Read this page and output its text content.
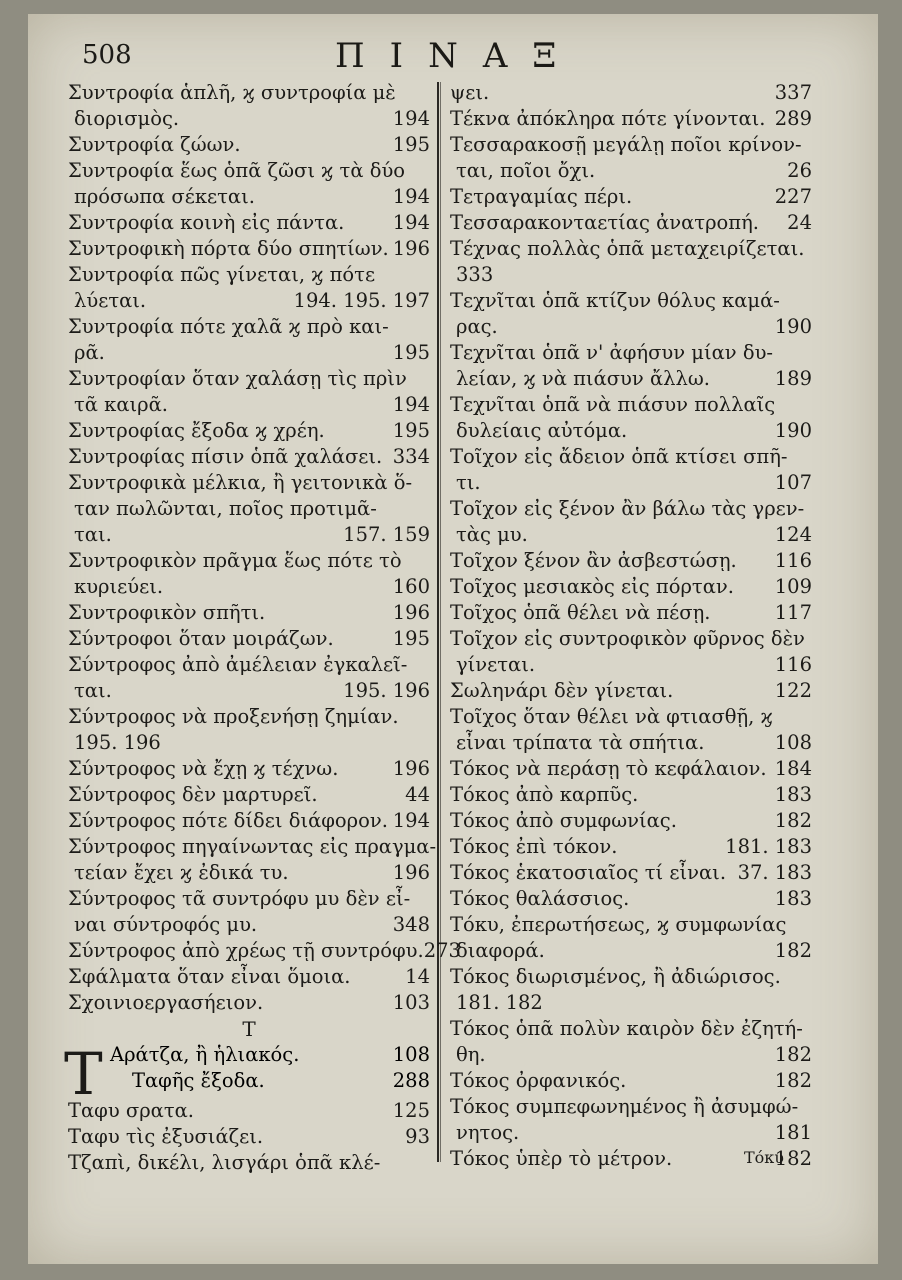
508	ΠΙΝΑΞ
Συντροφία ἁπλῆ, ϗ συντροφία μὲ
διορισμὸς.	194
Συντροφία ζώων.	195
Συντροφία ἕως ὁπᾶ ζῶσι ϗ τὰ δύο
πρόσωπα σέκεται.	194
Συντροφία κοινὴ εἰς πάντα. 194
Συντροφικὴ πόρτα δύο σπητίων. 196
Συντροφία πῶς γίνεται, ϗ πότε
λύεται.	194. 195. 197
Συντροφία πότε χαλᾶ ϗ πρὸ και-
ρᾶ.	195
Συντροφίαν ὅταν χαλάσῃ τὶς πρὶν
τᾶ καιρᾶ.	194
Συντροφίας ἔξοδα ϗ χρέη.	195
Συντροφίας πίσιν ὁπᾶ χαλάσει. 334
Συντροφικὰ μέλκια, ἢ γειτονικὰ ὅ-
ταν πωλῶνται, ποῖος προτιμᾶ-
ται.	157. 159
Συντροφικὸν πρᾶγμα ἕως πότε τὸ
κυριεύει.	160
Συντροφικὸν σπῆτι.	196
Σύντροφοι ὅταν μοιράζων.	195
Σύντροφος ἀπὸ ἀμέλειαν ἐγκαλεῖ-
ται.	195. 196
Σύντροφος νὰ προξενήσῃ ζημίαν.
195. 196
Σύντροφος νὰ ἔχῃ ϗ τέχνω.	196
Σύντροφος δὲν μαρτυρεῖ.	44
Σύντροφος πότε δίδει διάφορον. 194
Σύντροφος πηγαίνωντας εἰς πραγμα-
τείαν ἔχει ϗ ἐδικά τυ.	196
Σύντροφος τᾶ συντρόφυ μυ δὲν εἶ-
ναι σύντροφός μυ.	348
Σύντροφος ἀπὸ χρέως τῇ συντρόφυ. 273
Σφάλματα ὅταν εἶναι ὅμοια.	14
Σχοινιοεργασήειον.	103
Τ
Τ Αράτζα, ἢ ἡλιακός.	108
Ταφῆς ἔξοδα.	288
Ταφυ σρατα.	125
Ταφυ τὶς ἐξυσιάζει.	93
Τζαπὶ, δικέλι, λισγάρι ὁπᾶ κλέ-
ψει.	337
Τέκνα ἀπόκληρα πότε γίνονται. 289
Τεσσαρακοσῇ μεγάλῃ ποῖοι κρίνον-
ται, ποῖοι ὄχι.	26
Τετραγαμίας πέρι.	227
Τεσσαρακονταετίας ἀνατροπή. 24
Τέχνας πολλὰς ὁπᾶ μεταχειρίζεται.
333
Τεχνῖται ὁπᾶ κτίζυν θόλυς καμά-
ρας.	190
Τεχνῖται ὁπᾶ ν' ἀφήσυν μίαν δυ-
λείαν, ϗ νὰ πιάσυν ἄλλω.	189
Τεχνῖται ὁπᾶ νὰ πιάσυν πολλαῖς
δυλείαις αὐτόμα.	190
Τοῖχον εἰς ἄδειον ὁπᾶ κτίσει σπῆ-
τι.	107
Τοῖχον εἰς ξένον ἂν βάλω τὰς γρεν-
τὰς μυ.	124
Τοῖχον ξένον ἂν ἀσβεστώσῃ. 116
Τοῖχος μεσιακὸς εἰς πόρταν. 109
Τοῖχος ὁπᾶ θέλει νὰ πέσῃ.	117
Τοῖχον εἰς συντροφικὸν φῦρνος δὲν
γίνεται.	116
Σωληνάρι δὲν γίνεται.	122
Τοῖχος ὅταν θέλει νὰ φτιασθῇ, ϗ
εἶναι τρίπατα τὰ σπήτια.	108
Τόκος νὰ περάσῃ τὸ κεφάλαιον. 184
Τόκος ἀπὸ καρπῦς.	183
Τόκος ἀπὸ συμφωνίας.	182
Τόκος ἐπὶ τόκον.	181. 183
Τόκος ἑκατοσιαῖος τί εἶναι. 37. 183
Τόκος θαλάσσιος.	183
Τόκυ, ἐπερωτήσεως, ϗ συμφωνίας
διαφορά.	182
Τόκος διωρισμένος, ἢ ἀδιώρισος.
181. 182
Τόκος ὁπᾶ πολὺν καιρὸν δὲν ἐζητή-
θη.	182
Τόκος ὀρφανικός.	182
Τόκος συμπεφωνημένος ἢ ἀσυμφώ-
νητος.	181
Τόκος ὑπὲρ τὸ μέτρον.	182
Τόκυ
